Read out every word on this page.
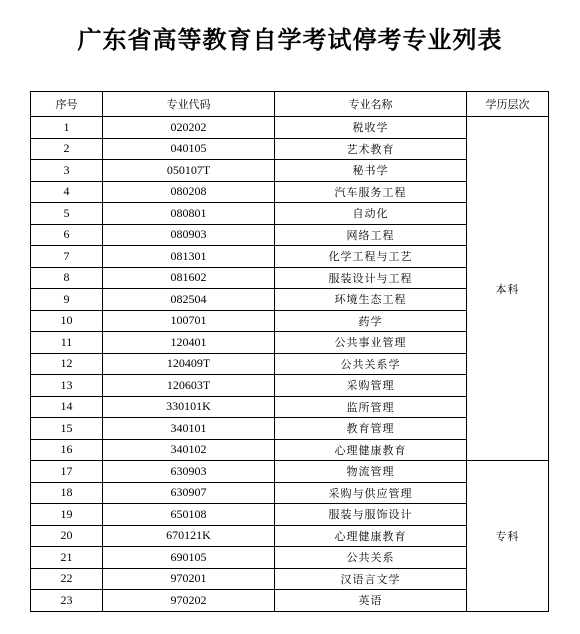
广东省高等教育自学考试停考专业列表
序号	专业代码	专业名称	学历层次
1	020202	税收学	本科
2	040105	艺术教育	
3	050107T	秘书学	
4	080208	汽车服务工程	
5	080801	自动化	
6	080903	网络工程	
7	081301	化学工程与工艺	
8	081602	服装设计与工程	
9	082504	环境生态工程	
10	100701	药学	
11	120401	公共事业管理	
12	120409T	公共关系学	
13	120603T	采购管理	
14	330101K	监所管理	
15	340101	教育管理	
16	340102	心理健康教育	
17	630903	物流管理	专科
18	630907	采购与供应管理	
19	650108	服装与服饰设计	
20	670121K	心理健康教育	
21	690105	公共关系	
22	970201	汉语言文学	
23	970202	英语	
